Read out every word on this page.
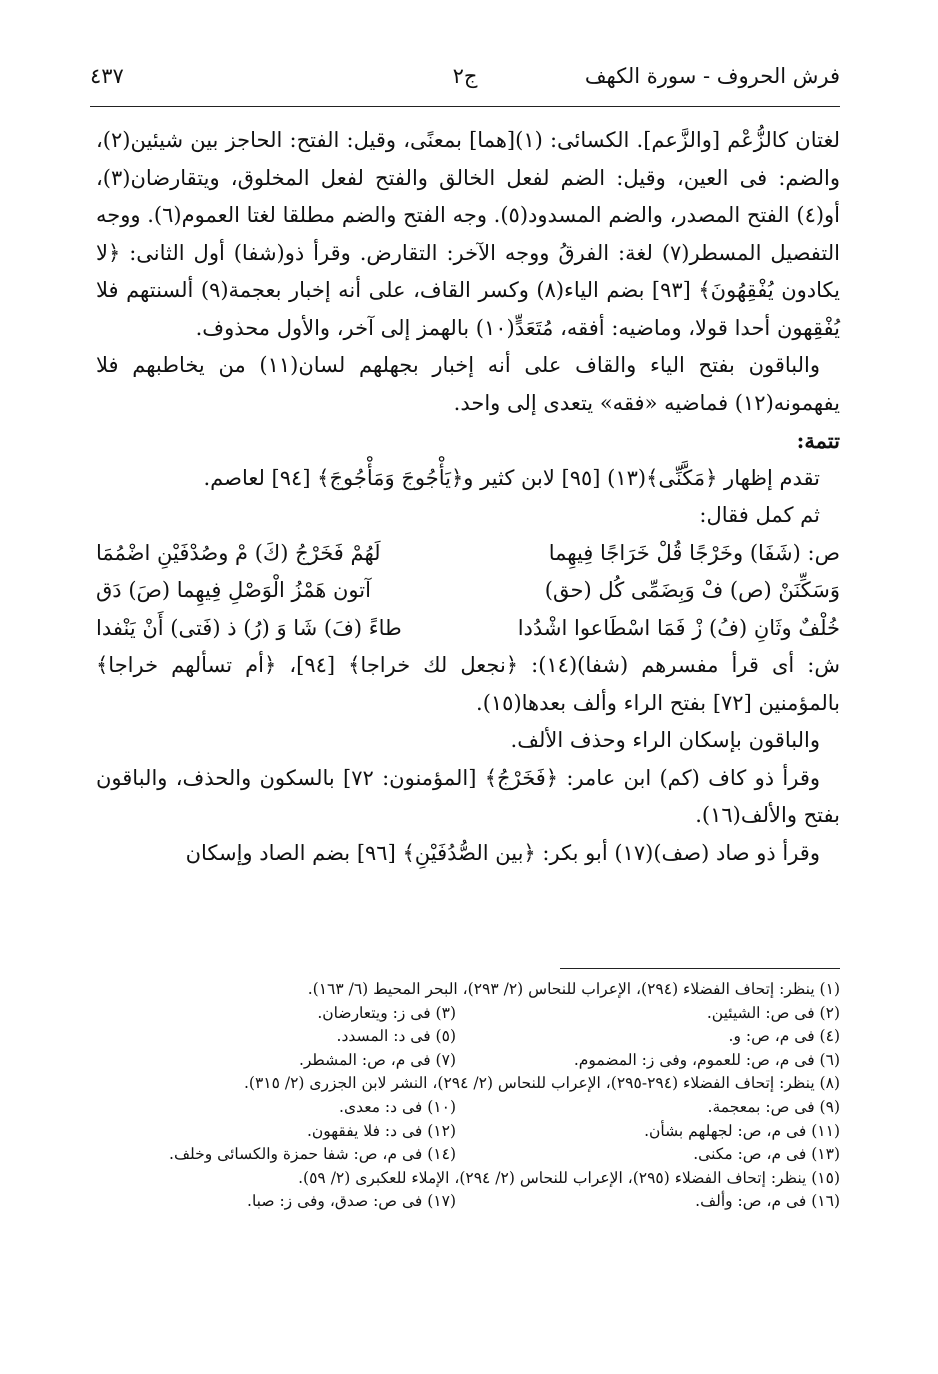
فرش الحروف - سورة الكهف
ج٢
٤٣٧

لغتان كالزُّعْم [والزَّعم]. الكسائى: (١)[هما] بمعنًى، وقيل: الفتح: الحاجز بين شيئين(٢)، والضم: فى العين، وقيل: الضم لفعل الخالق والفتح لفعل المخلوق، ويتقارضان(٣)، أو(٤) الفتح المصدر، والضم المسدود(٥). وجه الفتح والضم مطلقا لغتا العموم(٦). ووجه التفصيل المسطر(٧) لغة: الفرقُ ووجه الآخر: التقارض. وقرأ ذو(شفا) أول الثانى: ﴿لا يكادون يُفْقِهُونَ﴾ [٩٣] بضم الياء(٨) وكسر القاف، على أنه إخبار بعجمة(٩) ألسنتهم فلا يُفْقِهون أحدا قولا، وماضيه: أفقه، مُتَعَدٍّ(١٠) بالهمز إلى آخر، والأول محذوف.

والباقون بفتح الياء والقاف على أنه إخبار بجهلهم لسان(١١) من يخاطبهم فلا يفهمونه(١٢) فماضيه «فقه» يتعدى إلى واحد.

تتمة:

تقدم إظهار ﴿مَكَّنِّى﴾(١٣) [٩٥] لابن كثير و﴿يَأْجُوجَ وَمَأْجُوجَ﴾ [٩٤] لعاصم.

ثم كمل فقال:

ص: (شَفَا) وخَرْجًا قُلْ خَرَاجًا فِيهِما
لَهُمْ فَخَرْجُ (كَ) مْ وصُدْفَيْنِ اضْمُمَا
وَسَكِّنَنْ (ص) فْ وَبِضَمِّى كُل (حق)
آتون هَمْزُ الْوَصْلِ فِيهِما (صَ) دَق
خُلْفٌ وثَانِ (فُ) زْ فَمَا اسْطَاعوا اشْدُدا
طاءً (فَ) شَا وَ (رُ) ذ (فَتى) أَنْ يَنْفدا

ش: أى قرأ مفسرهم (شفا)(١٤): ﴿نجعل لك خراجا﴾ [٩٤]، ﴿أم تسألهم خراجا﴾ بالمؤمنين [٧٢] بفتح الراء وألف بعدها(١٥).

والباقون بإسكان الراء وحذف الألف.

وقرأ ذو كاف (كم) ابن عامر: ﴿فَخَرْجُ﴾ [المؤمنون: ٧٢] بالسكون والحذف، والباقون بفتح والألف(١٦).

وقرأ ذو صاد (صف)(١٧) أبو بكر: ﴿بين الصُّدُفَيْنِ﴾ [٩٦] بضم الصاد وإسكان

(١) ينظر: إتحاف الفضلاء (٢٩٤)، الإعراب للنحاس (٢/ ٢٩٣)، البحر المحيط (٦/ ١٦٣).
(٢) فى ص: الشيئين.
(٣) فى ز: ويتعارضان.
(٤) فى م، ص: و.
(٥) فى د: المسدد.
(٦) فى م، ص: للعموم، وفى ز: المضموم.
(٧) فى م، ص: المشطر.
(٨) ينظر: إتحاف الفضلاء (٢٩٤-٢٩٥)، الإعراب للنحاس (٢/ ٢٩٤)، النشر لابن الجزرى (٢/ ٣١٥).
(٩) فى ص: بمعجمة.
(١٠) فى د: معدى.
(١١) فى م، ص: لجهلهم بشأن.
(١٢) فى د: فلا يفقهون.
(١٣) فى م، ص: مكنى.
(١٤) فى م، ص: شفا حمزة والكسائى وخلف.
(١٥) ينظر: إتحاف الفضلاء (٢٩٥)، الإعراب للنحاس (٢/ ٢٩٤)، الإملاء للعكبرى (٢/ ٥٩).
(١٦) فى م، ص: وألف.
(١٧) فى ص: صدق، وفى ز: صبا.
